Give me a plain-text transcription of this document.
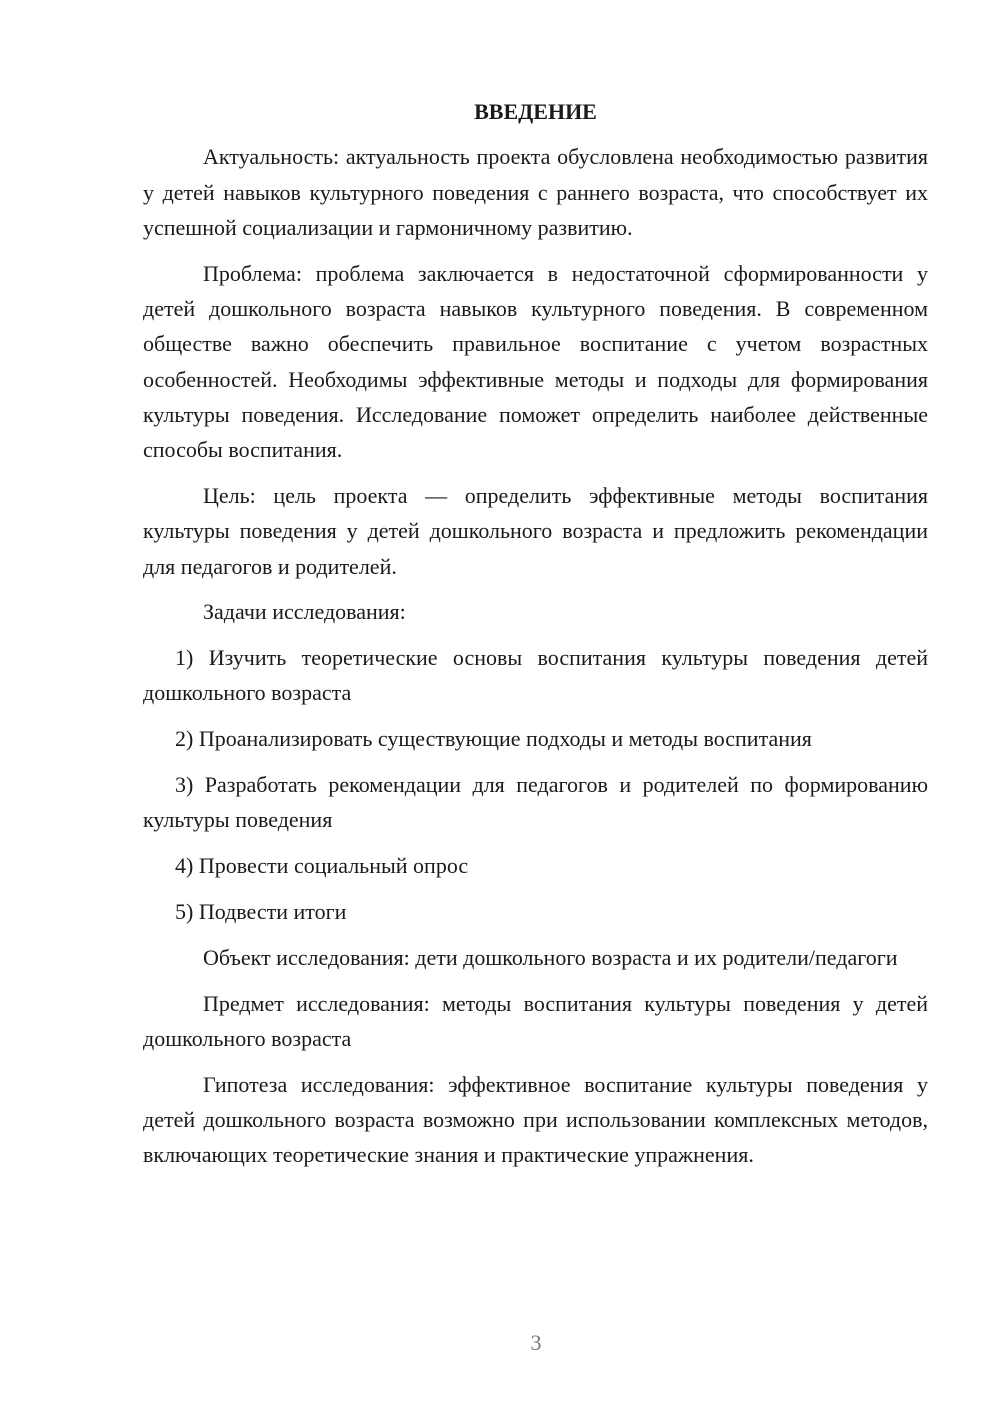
ВВЕДЕНИЕ

Актуальность: актуальность проекта обусловлена необходимостью развития у детей навыков культурного поведения с раннего возраста, что способствует их успешной социализации и гармоничному развитию.

Проблема: проблема заключается в недостаточной сформированности у детей дошкольного возраста навыков культурного поведения. В современном обществе важно обеспечить правильное воспитание с учетом возрастных особенностей. Необходимы эффективные методы и подходы для формирования культуры поведения. Исследование поможет определить наиболее действенные способы воспитания.

Цель: цель проекта — определить эффективные методы воспитания культуры поведения у детей дошкольного возраста и предложить рекомендации для педагогов и родителей.

Задачи исследования:

1) Изучить теоретические основы воспитания культуры поведения детей дошкольного возраста

2) Проанализировать существующие подходы и методы воспитания

3) Разработать рекомендации для педагогов и родителей по формированию культуры поведения

4) Провести социальный опрос

5) Подвести итоги

Объект исследования: дети дошкольного возраста и их родители/педагоги

Предмет исследования: методы воспитания культуры поведения у детей дошкольного возраста

Гипотеза исследования: эффективное воспитание культуры поведения у детей дошкольного возраста возможно при использовании комплексных методов, включающих теоретические знания и практические упражнения.

3
